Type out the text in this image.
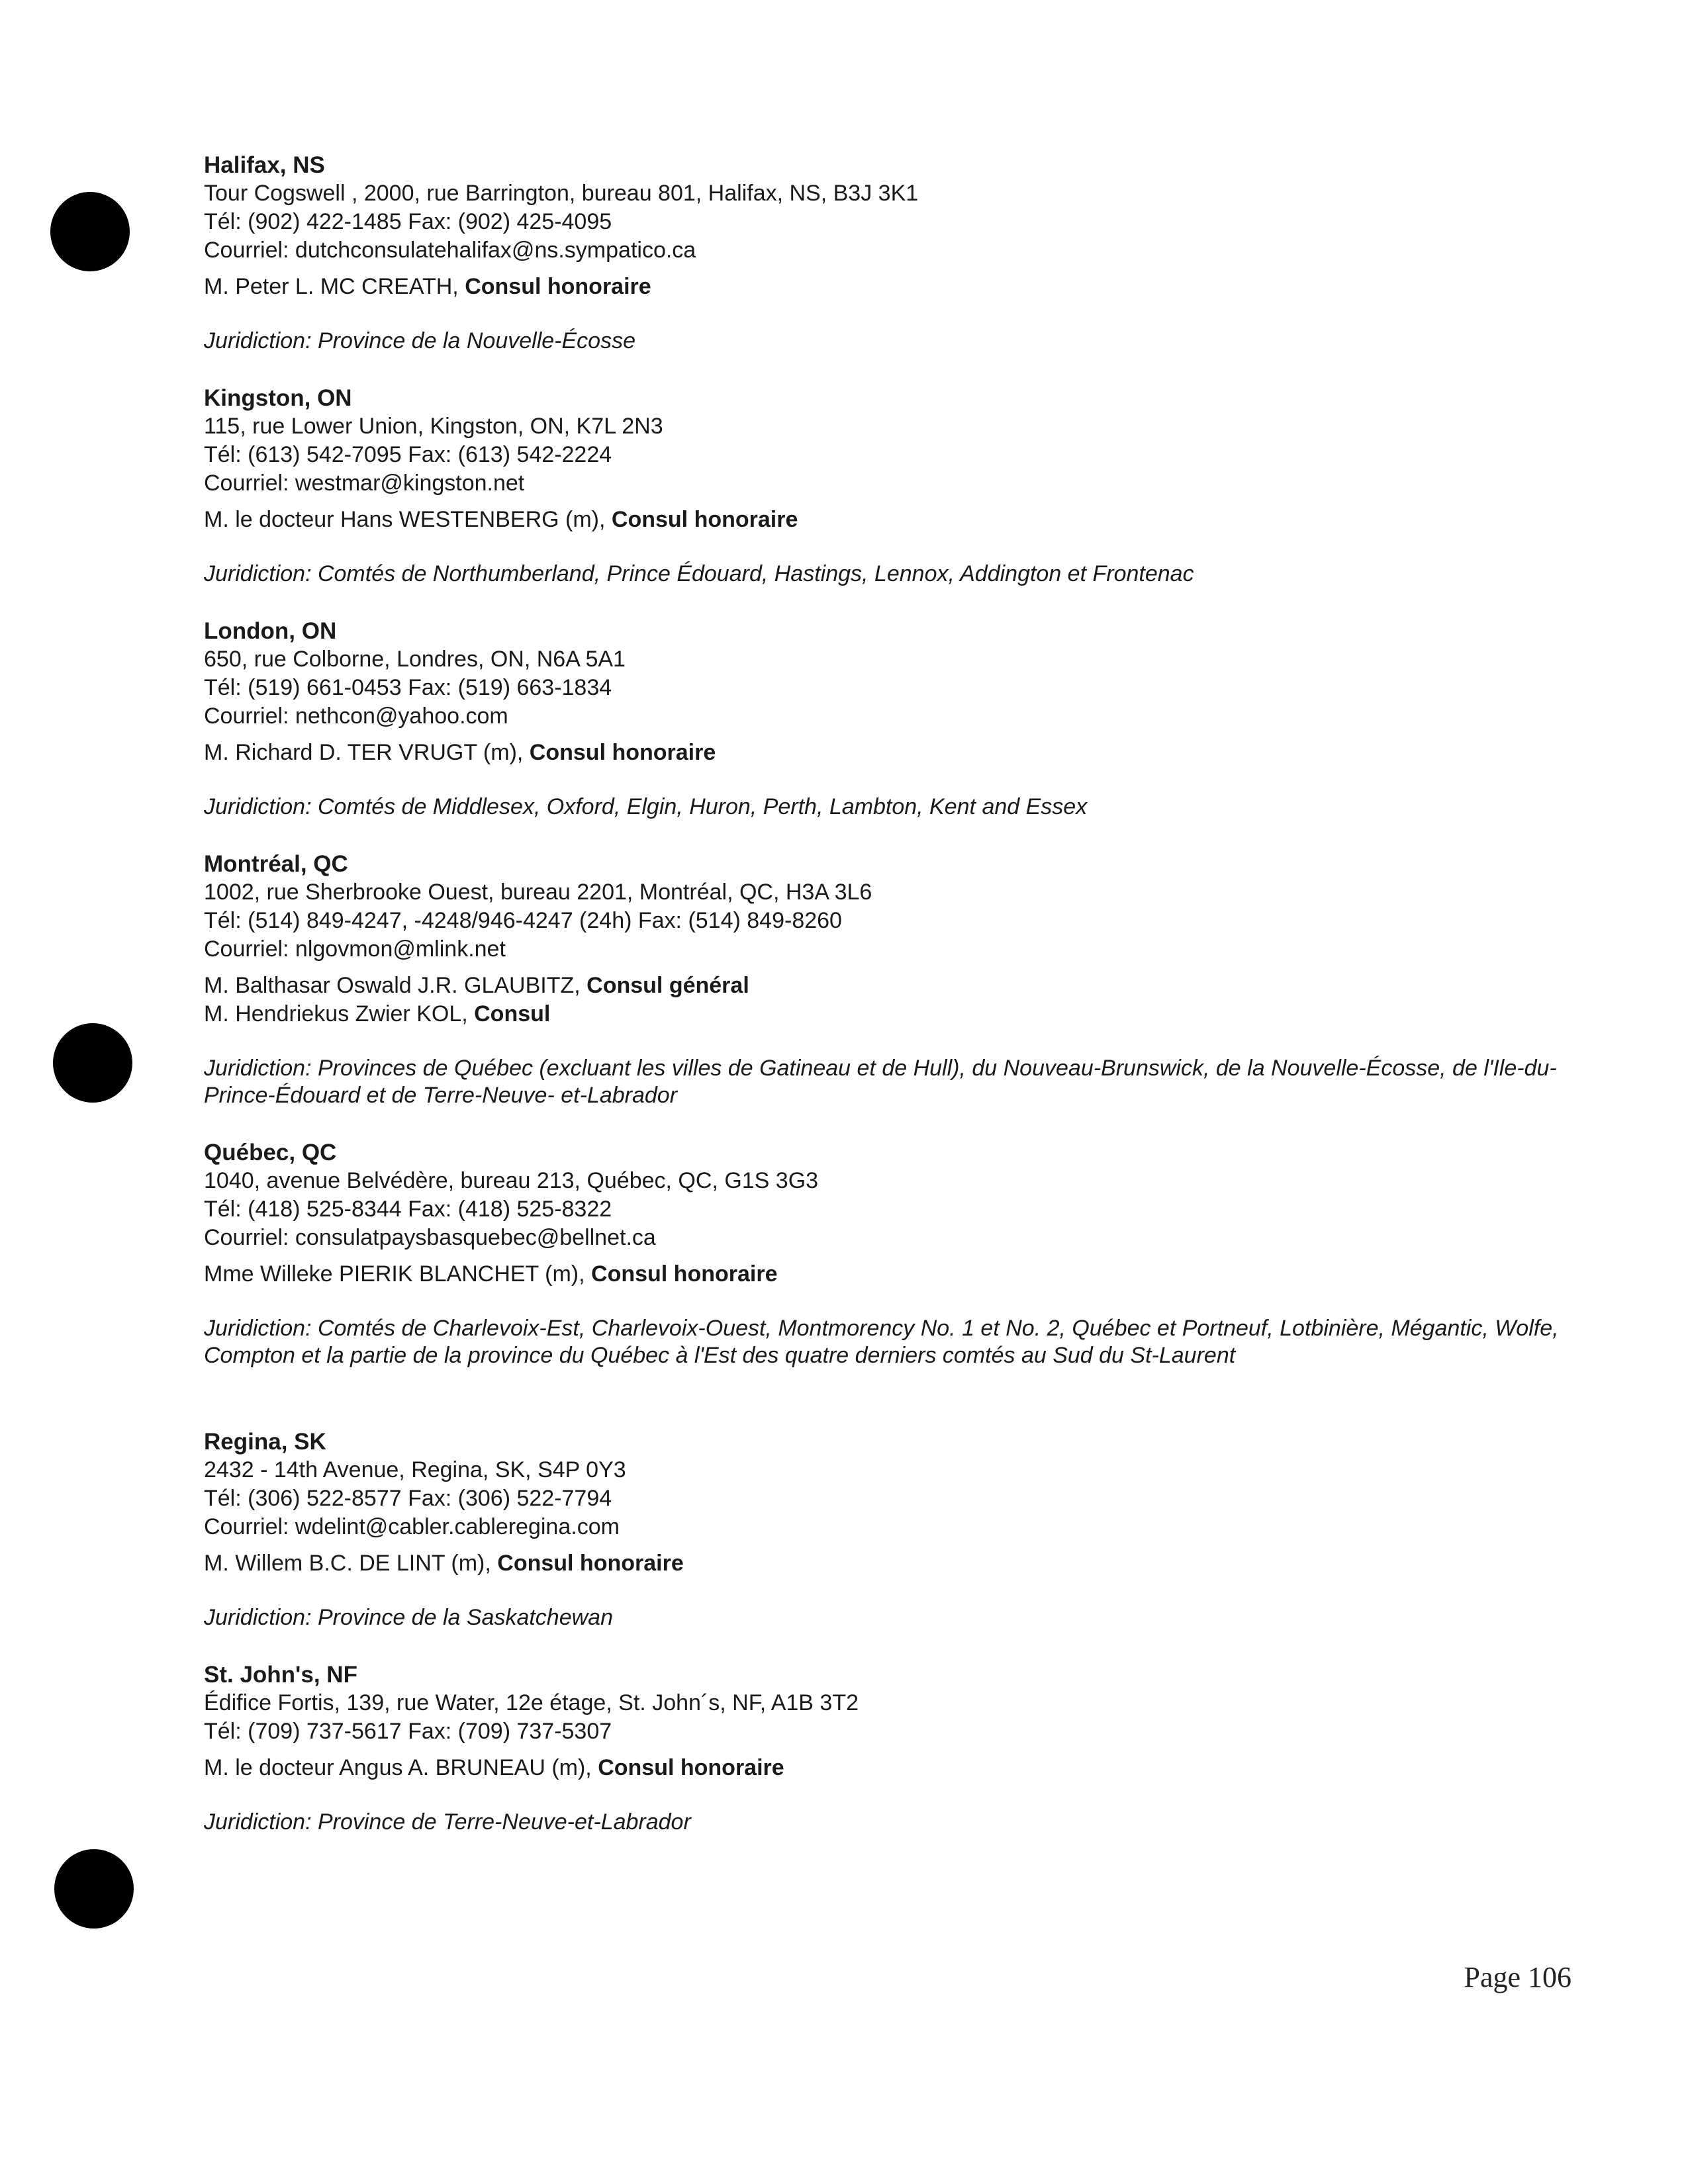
Halifax, NS
Tour Cogswell , 2000, rue Barrington, bureau 801, Halifax, NS, B3J 3K1
Tél: (902) 422-1485 Fax: (902) 425-4095
Courriel: dutchconsulatehalifax@ns.sympatico.ca
M. Peter L. MC CREATH, Consul honoraire
Juridiction: Province de la Nouvelle-Écosse
Kingston, ON
115, rue Lower Union, Kingston, ON, K7L 2N3
Tél: (613) 542-7095 Fax: (613) 542-2224
Courriel: westmar@kingston.net
M. le docteur Hans WESTENBERG (m), Consul honoraire
Juridiction: Comtés de Northumberland, Prince Édouard, Hastings, Lennox, Addington et Frontenac
London, ON
650, rue Colborne, Londres, ON, N6A 5A1
Tél: (519) 661-0453 Fax: (519) 663-1834
Courriel: nethcon@yahoo.com
M. Richard D. TER VRUGT (m), Consul honoraire
Juridiction: Comtés de Middlesex, Oxford, Elgin, Huron, Perth, Lambton, Kent and Essex
Montréal, QC
1002, rue Sherbrooke Ouest, bureau 2201, Montréal, QC, H3A 3L6
Tél: (514) 849-4247, -4248/946-4247 (24h) Fax: (514) 849-8260
Courriel: nlgovmon@mlink.net
M. Balthasar Oswald J.R. GLAUBITZ, Consul général
M. Hendriekus Zwier KOL, Consul
Juridiction: Provinces de Québec (excluant les villes de Gatineau et de Hull), du Nouveau-Brunswick, de la Nouvelle-Écosse, de l'Ile-du-Prince-Édouard et de Terre-Neuve- et-Labrador
Québec, QC
1040, avenue Belvédère, bureau 213, Québec, QC, G1S 3G3
Tél: (418) 525-8344 Fax: (418) 525-8322
Courriel: consulatpaysbasquebec@bellnet.ca
Mme Willeke PIERIK BLANCHET (m), Consul honoraire
Juridiction: Comtés de Charlevoix-Est, Charlevoix-Ouest, Montmorency No. 1 et No. 2, Québec et Portneuf, Lotbinière, Mégantic, Wolfe, Compton et la partie de la province du Québec à l'Est des quatre derniers comtés au Sud du St-Laurent
Regina, SK
2432 - 14th Avenue, Regina, SK, S4P 0Y3
Tél: (306) 522-8577 Fax: (306) 522-7794
Courriel: wdelint@cabler.cableregina.com
M. Willem B.C. DE LINT (m), Consul honoraire
Juridiction: Province de la Saskatchewan
St. John's, NF
Édifice Fortis, 139, rue Water, 12e étage, St. John´s, NF, A1B 3T2
Tél: (709) 737-5617 Fax: (709) 737-5307
M. le docteur Angus A. BRUNEAU (m), Consul honoraire
Juridiction: Province de Terre-Neuve-et-Labrador
Page 106
